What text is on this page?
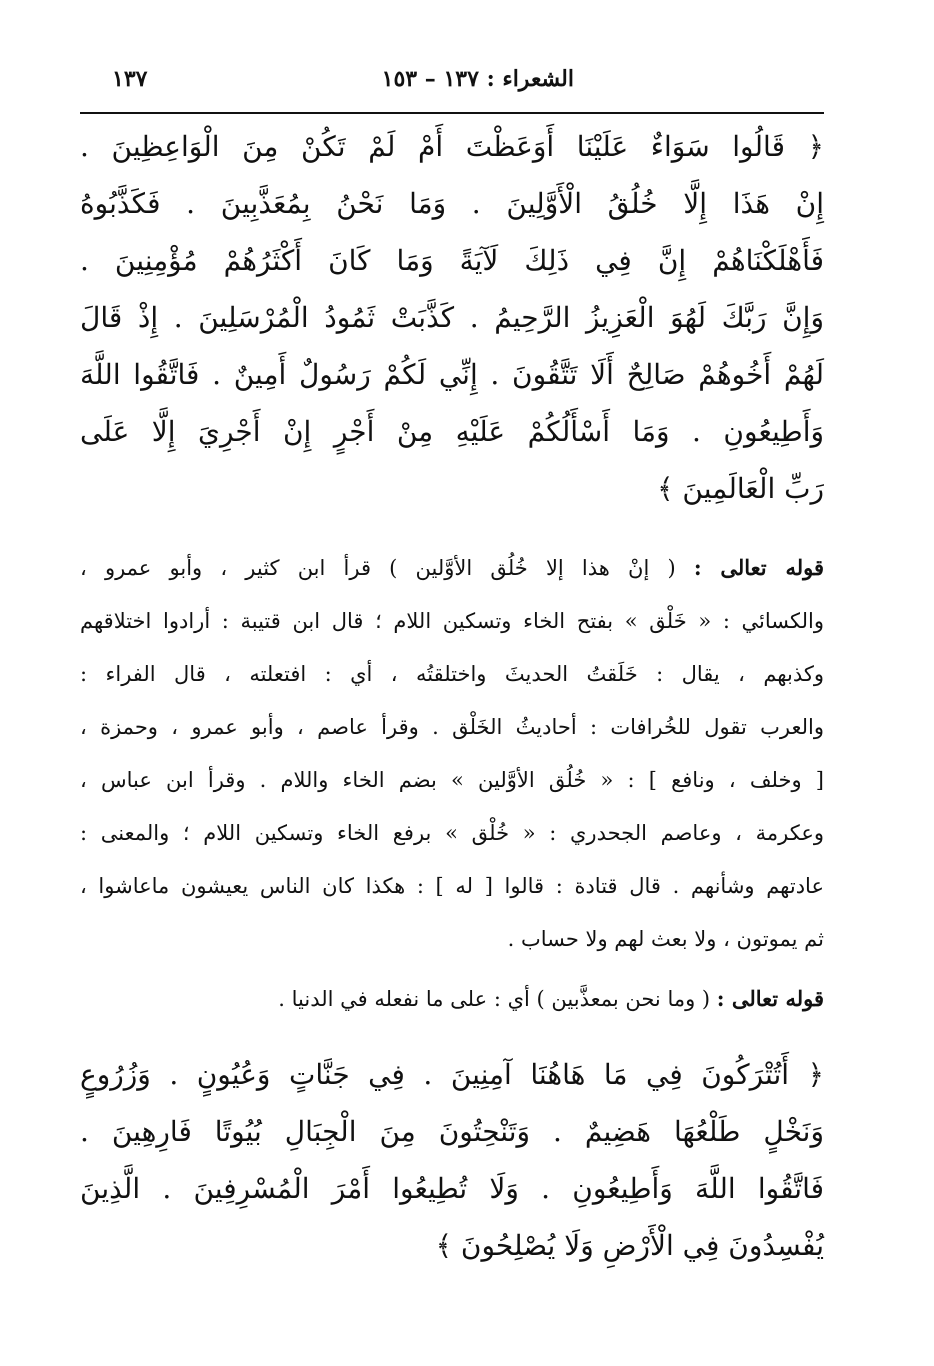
الشعراء : ١٣٧ – ١٥٣
١٣٧
﴿ قَالُوا سَوَاءٌ عَلَيْنَا أَوَعَظْتَ أَمْ لَمْ تَكُنْ مِنَ الْوَاعِظِينَ .
إِنْ هَذَا إِلَّا خُلُقُ الْأَوَّلِينَ . وَمَا نَحْنُ بِمُعَذَّبِينَ . فَكَذَّبُوهُ
فَأَهْلَكْنَاهُمْ إِنَّ فِي ذَلِكَ لَآيَةً وَمَا كَانَ أَكْثَرُهُمْ مُؤْمِنِينَ .
وَإِنَّ رَبَّكَ لَهُوَ الْعَزِيزُ الرَّحِيمُ . كَذَّبَتْ ثَمُودُ الْمُرْسَلِينَ . إِذْ قَالَ
لَهُمْ أَخُوهُمْ صَالِحٌ أَلَا تَتَّقُونَ . إِنِّي لَكُمْ رَسُولٌ أَمِينٌ . فَاتَّقُوا اللَّهَ
وَأَطِيعُونِ . وَمَا أَسْأَلُكُمْ عَلَيْهِ مِنْ أَجْرٍ إِنْ أَجْرِيَ إِلَّا عَلَى
رَبِّ الْعَالَمِينَ ﴾
قوله تعالى : ( إنْ هذا إلا خُلُق الأوَّلين ) قرأ ابن كثير ، وأبو عمرو ،
والكسائي : « خَلْق » بفتح الخاء وتسكين اللام ؛ قال ابن قتيبة : أرادوا اختلاقهم
وكذبهم ، يقال : خَلَقتُ الحديثَ واختلقتُه ، أي : افتعلته ، قال الفراء :
والعرب تقول للخُرافات : أحاديثُ الخَلْق . وقرأ عاصم ، وأبو عمرو ، وحمزة ،
[ وخلف ، ونافع ] : « خُلُق الأوَّلين » بضم الخاء واللام . وقرأ ابن عباس ،
وعكرمة ، وعاصم الجحدري : « خُلْق » برفع الخاء وتسكين اللام ؛ والمعنى :
عادتهم وشأنهم . قال قتادة : قالوا [ له ] : هكذا كان الناس يعيشون ماعاشوا ،
ثم يموتون ، ولا بعث لهم ولا حساب .
قوله تعالى : ( وما نحن بمعذَّبين ) أي : على ما نفعله في الدنيا .
﴿ أَتُتْرَكُونَ فِي مَا هَاهُنَا آمِنِينَ . فِي جَنَّاتٍ وَعُيُونٍ . وَزُرُوعٍ
وَنَخْلٍ طَلْعُهَا هَضِيمٌ . وَتَنْحِتُونَ مِنَ الْجِبَالِ بُيُوتًا فَارِهِينَ .
فَاتَّقُوا اللَّهَ وَأَطِيعُونِ . وَلَا تُطِيعُوا أَمْرَ الْمُسْرِفِينَ . الَّذِينَ
يُفْسِدُونَ فِي الْأَرْضِ وَلَا يُصْلِحُونَ ﴾
